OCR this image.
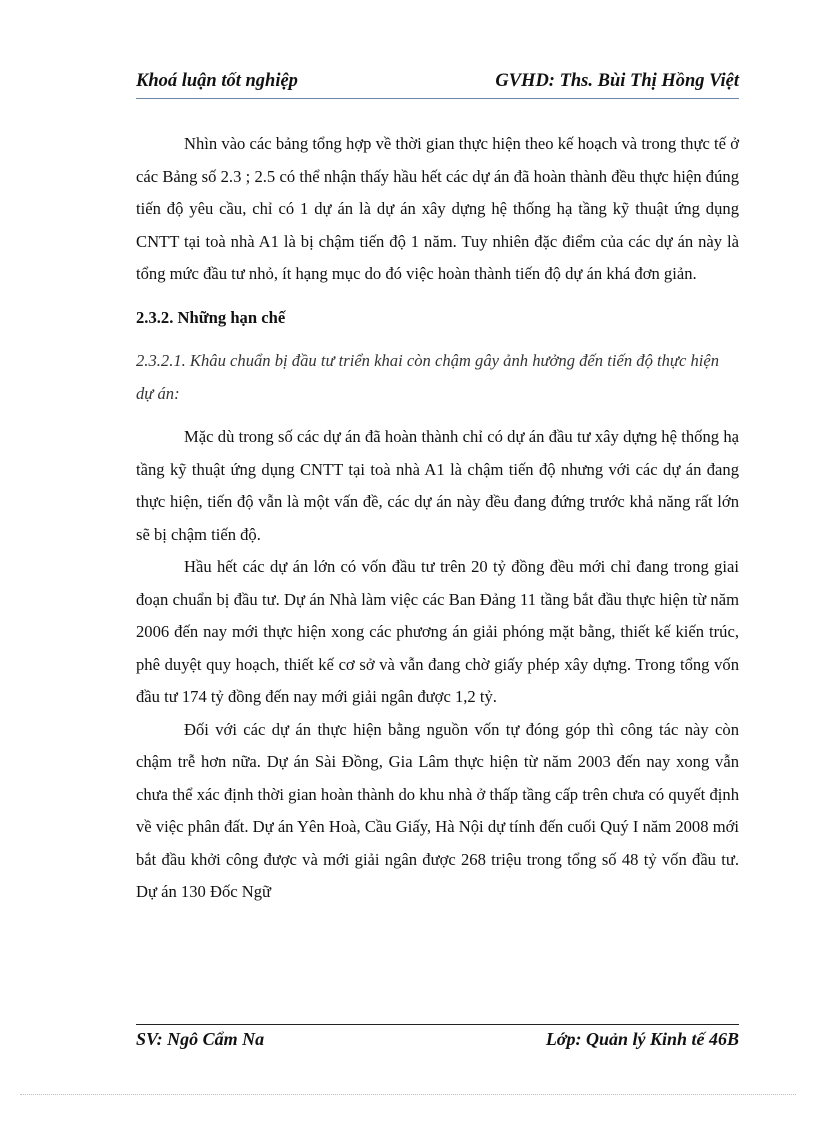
Khoá luận tốt nghiệp	GVHD: Ths. Bùi Thị Hồng Việt

Nhìn vào các bảng tổng hợp về thời gian thực hiện theo kế hoạch và trong thực tế ở các Bảng số 2.3 ; 2.5 có thể nhận thấy hầu hết các dự án đã hoàn thành đều thực hiện đúng tiến độ yêu cầu, chỉ có 1 dự án là dự án xây dựng hệ thống hạ tầng kỹ thuật ứng dụng CNTT tại toà nhà A1 là bị chậm tiến độ 1 năm. Tuy nhiên đặc điểm của các dự án này là tổng mức đầu tư nhỏ, ít hạng mục do đó việc hoàn thành tiến độ dự án khá đơn giản.

2.3.2. Những hạn chế

2.3.2.1. Khâu chuẩn bị đầu tư triển khai còn chậm gây ảnh hưởng đến tiến độ thực hiện dự án:

Mặc dù trong số các dự án đã hoàn thành chỉ có dự án đầu tư xây dựng hệ thống hạ tầng kỹ thuật ứng dụng CNTT tại toà nhà A1 là chậm tiến độ nhưng với các dự án đang thực hiện, tiến độ vẫn là một vấn đề, các dự án này đều đang đứng trước khả năng rất lớn sẽ bị chậm tiến độ.

Hầu hết các dự án lớn có vốn đầu tư trên 20 tỷ đồng đều mới chỉ đang trong giai đoạn chuẩn bị đầu tư. Dự án Nhà làm việc các Ban Đảng 11 tầng bắt đầu thực hiện từ năm 2006 đến nay mới thực hiện xong các phương án giải phóng mặt bằng, thiết kế kiến trúc, phê duyệt quy hoạch, thiết kế cơ sở và vẫn đang chờ giấy phép xây dựng. Trong tổng vốn đầu tư 174 tỷ đồng đến nay mới giải ngân được 1,2 tỷ.

Đối với các dự án thực hiện bằng nguồn vốn tự đóng góp thì công tác này còn chậm trễ hơn nữa. Dự án Sài Đồng, Gia Lâm thực hiện từ năm 2003 đến nay xong vẫn chưa thể xác định thời gian hoàn thành do khu nhà ở thấp tầng cấp trên chưa có quyết định về việc phân đất. Dự án Yên Hoà, Cầu Giấy, Hà Nội dự tính đến cuối Quý I năm 2008 mới bắt đầu khởi công được và mới giải ngân được 268 triệu trong tổng số 48 tỷ vốn đầu tư. Dự án 130 Đốc Ngữ

SV: Ngô Cẩm Na	Lớp: Quản lý Kinh tế 46B
